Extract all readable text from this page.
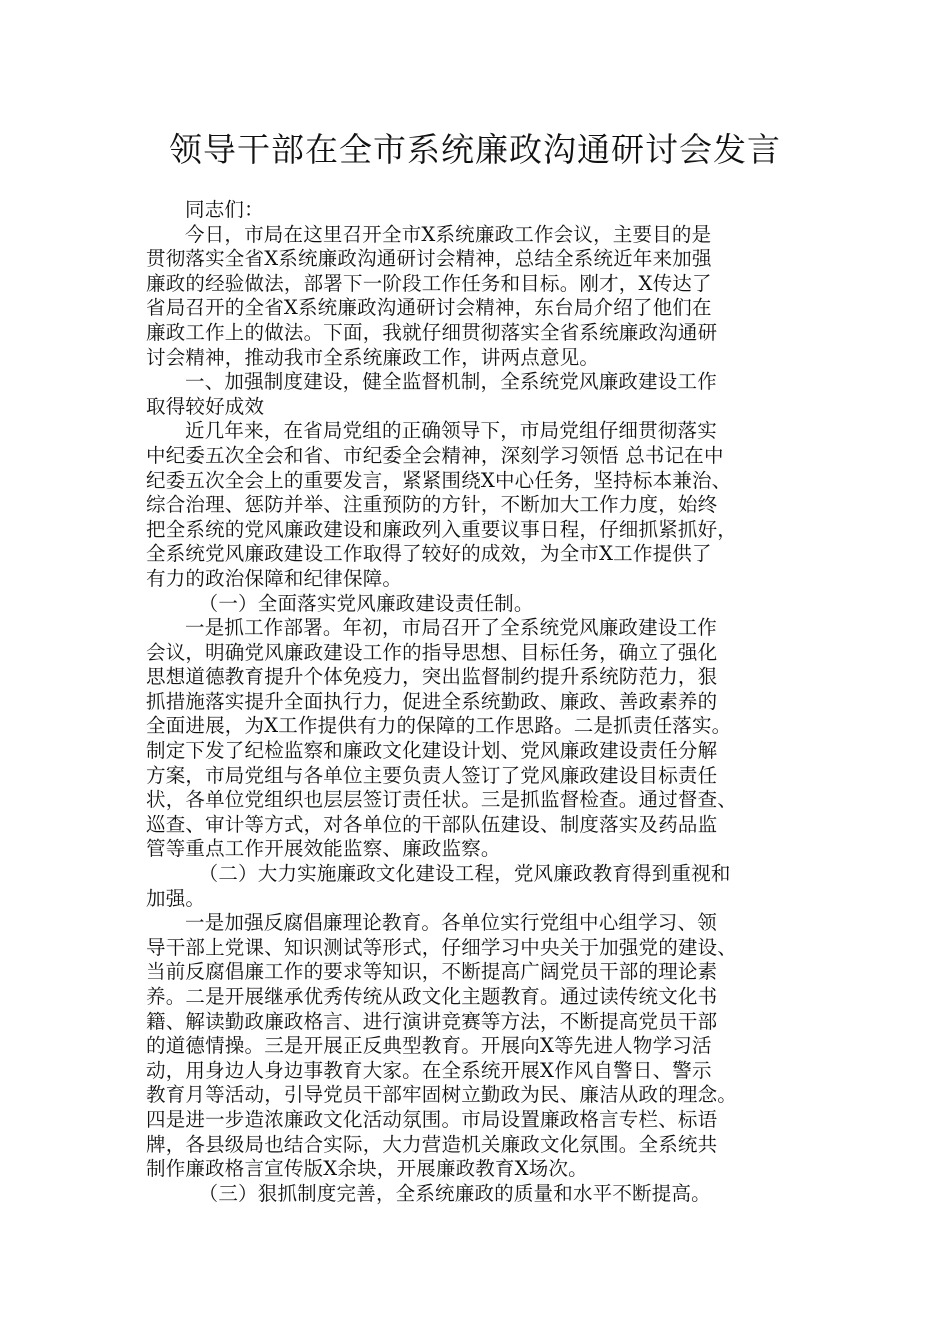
领导干部在全市系统廉政沟通研讨会发言
同志们：
今日，市局在这里召开全市X系统廉政工作会议，主要目的是
贯彻落实全省X系统廉政沟通研讨会精神，总结全系统近年来加强
廉政的经验做法，部署下一阶段工作任务和目标。刚才，X传达了
省局召开的全省X系统廉政沟通研讨会精神，东台局介绍了他们在
廉政工作上的做法。下面，我就仔细贯彻落实全省系统廉政沟通研
讨会精神，推动我市全系统廉政工作，讲两点意见。
一、加强制度建设，健全监督机制，全系统党风廉政建设工作
取得较好成效
近几年来，在省局党组的正确领导下，市局党组仔细贯彻落实
中纪委五次全会和省、市纪委全会精神，深刻学习领悟 总书记在中
纪委五次全会上的重要发言，紧紧围绕X中心任务，坚持标本兼治、
综合治理、惩防并举、注重预防的方针，不断加大工作力度，始终
把全系统的党风廉政建设和廉政列入重要议事日程，仔细抓紧抓好，
全系统党风廉政建设工作取得了较好的成效，为全市X工作提供了
有力的政治保障和纪律保障。
（一）全面落实党风廉政建设责任制。
一是抓工作部署。年初，市局召开了全系统党风廉政建设工作
会议，明确党风廉政建设工作的指导思想、目标任务，确立了强化
思想道德教育提升个体免疫力，突出监督制约提升系统防范力，狠
抓措施落实提升全面执行力，促进全系统勤政、廉政、善政素养的
全面进展，为X工作提供有力的保障的工作思路。二是抓责任落实。
制定下发了纪检监察和廉政文化建设计划、党风廉政建设责任分解
方案，市局党组与各单位主要负责人签订了党风廉政建设目标责任
状，各单位党组织也层层签订责任状。三是抓监督检查。通过督查、
巡查、审计等方式，对各单位的干部队伍建设、制度落实及药品监
管等重点工作开展效能监察、廉政监察。
（二）大力实施廉政文化建设工程，党风廉政教育得到重视和
加强。
一是加强反腐倡廉理论教育。各单位实行党组中心组学习、领
导干部上党课、知识测试等形式，仔细学习中央关于加强党的建设、
当前反腐倡廉工作的要求等知识，不断提高广阔党员干部的理论素
养。二是开展继承优秀传统从政文化主题教育。通过读传统文化书
籍、解读勤政廉政格言、进行演讲竞赛等方法，不断提高党员干部
的道德情操。三是开展正反典型教育。开展向X等先进人物学习活
动，用身边人身边事教育大家。在全系统开展X作风自警日、警示
教育月等活动，引导党员干部牢固树立勤政为民、廉洁从政的理念。
四是进一步造浓廉政文化活动氛围。市局设置廉政格言专栏、标语
牌，各县级局也结合实际，大力营造机关廉政文化氛围。全系统共
制作廉政格言宣传版X余块，开展廉政教育X场次。
（三）狠抓制度完善，全系统廉政的质量和水平不断提高。
